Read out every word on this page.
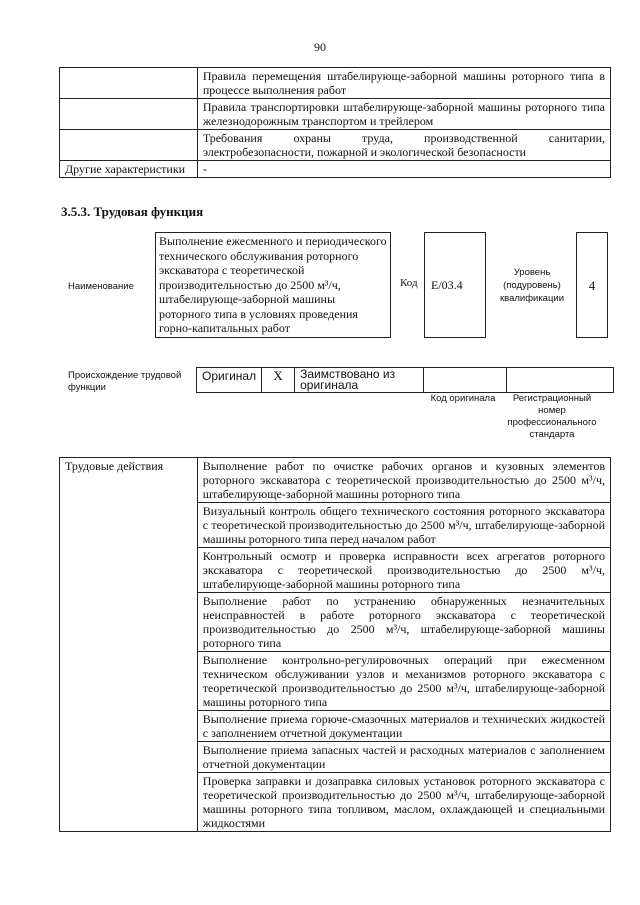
90
	Правила перемещения штабелирующе-заборной машины роторного типа в процессе выполнения работ
	Правила транспортировки штабелирующе-заборной машины роторного типа железнодорожным транспортом и трейлером
	Требования охраны труда, производственной санитарии, электробезопасности, пожарной и экологической безопасности
Другие характеристики	-
3.5.3. Трудовая функция
Наименование
Выполнение ежесменного и периодического технического обслуживания роторного экскаватора с теоретической производительностью до 2500 м³/ч, штабелирующе-заборной машины роторного типа в условиях проведения горно-капитальных работ
Код	E/03.4
Уровень (подуровень) квалификации
4
Происхождение трудовой функции
Оригинал	X	Заимствовано из оригинала		
Код оригинала	Регистрационный номер профессионального стандарта
Трудовые действия	Выполнение работ по очистке рабочих органов и кузовных элементов роторного экскаватора с теоретической производительностью до 2500 м³/ч, штабелирующе-заборной машины роторного типа
Визуальный контроль общего технического состояния роторного экскаватора с теоретической производительностью до 2500 м³/ч, штабелирующе-заборной машины роторного типа перед началом работ
Контрольный осмотр и проверка исправности всех агрегатов роторного экскаватора с теоретической производительностью до 2500 м³/ч, штабелирующе-заборной машины роторного типа
Выполнение работ по устранению обнаруженных незначительных неисправностей в работе роторного экскаватора с теоретической производительностью до 2500 м³/ч, штабелирующе-заборной машины роторного типа
Выполнение контрольно-регулировочных операций при ежесменном техническом обслуживании узлов и механизмов роторного экскаватора с теоретической производительностью до 2500 м³/ч, штабелирующе-заборной машины роторного типа
Выполнение приема горюче-смазочных материалов и технических жидкостей с заполнением отчетной документации
Выполнение приема запасных частей и расходных материалов с заполнением отчетной документации
Проверка заправки и дозаправка силовых установок роторного экскаватора с теоретической производительностью до 2500 м³/ч, штабелирующе-заборной машины роторного типа топливом, маслом, охлаждающей и специальными жидкостями
